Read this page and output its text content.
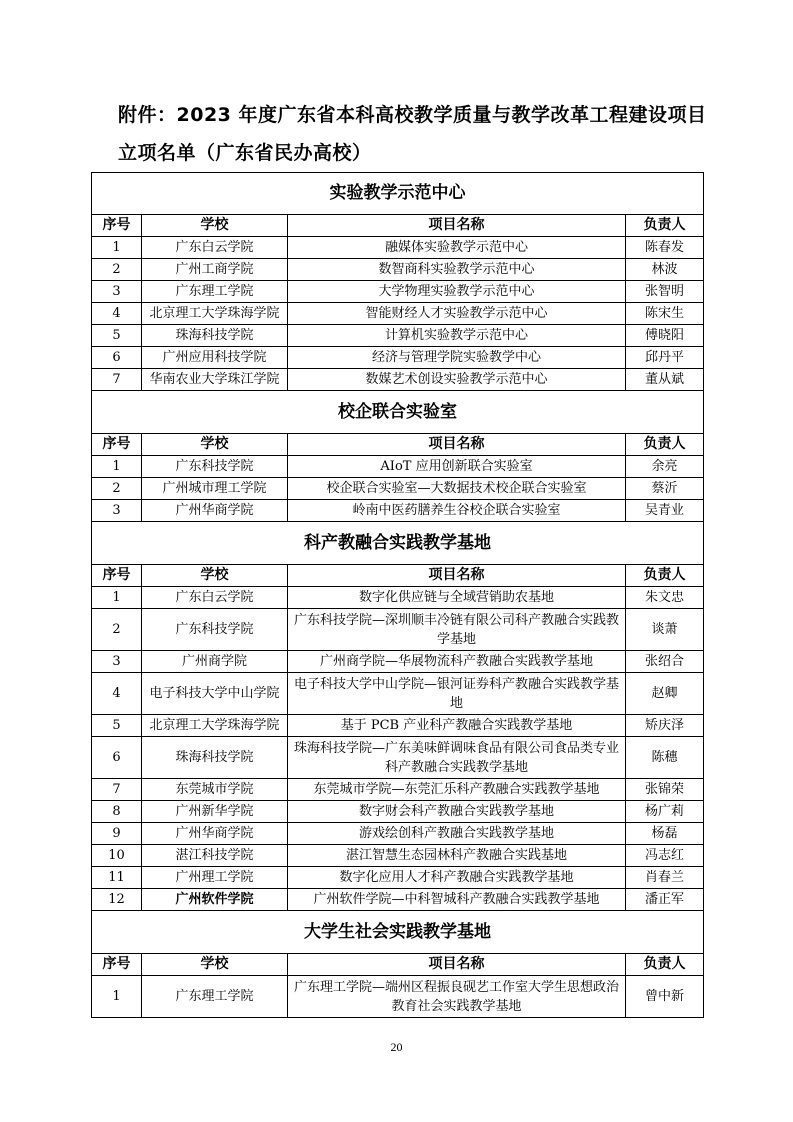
附件：2023 年度广东省本科高校教学质量与教学改革工程建设项目
立项名单（广东省民办高校）
实验教学示范中心			
序号	学校	项目名称	负责人
1	广东白云学院	融媒体实验教学示范中心	陈春发
2	广州工商学院	数智商科实验教学示范中心	林波
3	广东理工学院	大学物理实验教学示范中心	张智明
4	北京理工大学珠海学院	智能财经人才实验教学示范中心	陈宋生
5	珠海科技学院	计算机实验教学示范中心	傅晓阳
6	广州应用科技学院	经济与管理学院实验教学中心	邱丹平
7	华南农业大学珠江学院	数媒艺术创设实验教学示范中心	董从斌
校企联合实验室			
序号	学校	项目名称	负责人
1	广东科技学院	AIoT 应用创新联合实验室	余亮
2	广州城市理工学院	校企联合实验室—大数据技术校企联合实验室	蔡沂
3	广州华商学院	岭南中医药膳养生谷校企联合实验室	吴青业
科产教融合实践教学基地			
序号	学校	项目名称	负责人
1	广东白云学院	数字化供应链与全域营销助农基地	朱文忠
2	广东科技学院	广东科技学院—深圳顺丰冷链有限公司科产教融合实践教学基地	谈萧
3	广州商学院	广州商学院—华展物流科产教融合实践教学基地	张绍合
4	电子科技大学中山学院	电子科技大学中山学院—银河证券科产教融合实践教学基地	赵卿
5	北京理工大学珠海学院	基于 PCB 产业科产教融合实践教学基地	矫庆泽
6	珠海科技学院	珠海科技学院—广东美味鲜调味食品有限公司食品类专业科产教融合实践教学基地	陈穗
7	东莞城市学院	东莞城市学院—东莞汇乐科产教融合实践教学基地	张锦荣
8	广州新华学院	数字财会科产教融合实践教学基地	杨广莉
9	广州华商学院	游戏绘创科产教融合实践教学基地	杨磊
10	湛江科技学院	湛江智慧生态园林科产教融合实践基地	冯志红
11	广州理工学院	数字化应用人才科产教融合实践教学基地	肖春兰
12	广州软件学院	广州软件学院—中科智城科产教融合实践教学基地	潘正军
大学生社会实践教学基地			
序号	学校	项目名称	负责人
1	广东理工学院	广东理工学院—端州区程振良砚艺工作室大学生思想政治教育社会实践教学基地	曾中新
20
